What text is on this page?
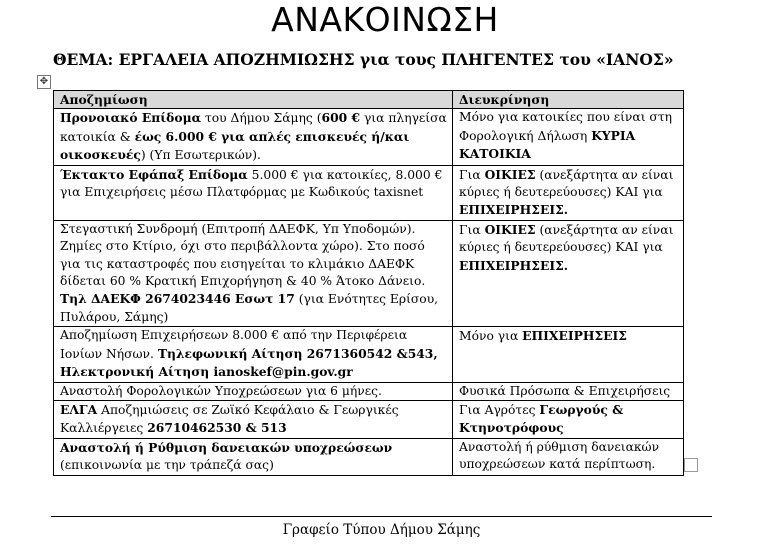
ΑΝΑΚΟΙΝΩΣΗ
ΘΕΜΑ: ΕΡΓΑΛΕΙΑ ΑΠΟΖΗΜΙΩΣΗΣ για τους ΠΛΗΓΕΝΤΕΣ του «ΙΑΝΟΣ»
✥
Αποζημίωση	Διευκρίνηση
Προνοιακό Επίδομα του Δήμου Σάμης (600 € για πληγείσα κατοικία & έως 6.000 € για απλές επισκευές ή/και οικοσκευές) (Υπ Εσωτερικών).	Μόνο για κατοικίες που είναι στη Φορολογική Δήλωση ΚΥΡΙΑ ΚΑΤΟΙΚΙΑ
Έκτακτο Εφάπαξ Επίδομα 5.000 € για κατοικίες, 8.000 € για Επιχειρήσεις μέσω Πλατφόρμας με Κωδικούς taxisnet	Για ΟΙΚΙΕΣ (ανεξάρτητα αν είναι κύριες ή δευτερεύουσες) ΚΑΙ για ΕΠΙΧΕΙΡΗΣΕΙΣ.
Στεγαστική Συνδρομή (Επιτροπή ΔΑΕΦΚ, Υπ Υποδομών). Ζημίες στο Κτίριο, όχι στο περιβάλλοντα χώρο). Στο ποσό για τις καταστροφές που εισηγείται το κλιμάκιο ΔΑΕΦΚ δίδεται 60 % Κρατική Επιχορήγηση & 40 % Άτοκο Δάνειο. Τηλ ΔΑΕΚΦ 2674023446 Εσωτ 17 (για Ενότητες Ερίσου, Πυλάρου, Σάμης)	Για ΟΙΚΙΕΣ (ανεξάρτητα αν είναι κύριες ή δευτερεύουσες) ΚΑΙ για ΕΠΙΧΕΙΡΗΣΕΙΣ.
Αποζημίωση Επιχειρήσεων 8.000 € από την Περιφέρεια Ιονίων Νήσων. Τηλεφωνική Αίτηση 2671360542 &543, Ηλεκτρονική Αίτηση ianoskef@pin.gov.gr	Μόνο για ΕΠΙΧΕΙΡΗΣΕΙΣ
Αναστολή Φορολογικών Υποχρεώσεων για 6 μήνες.	Φυσικά Πρόσωπα & Επιχειρήσεις
ΕΛΓΑ Αποζημιώσεις σε Ζωϊκό Κεφάλαιο & Γεωργικές Καλλιέργειες 26710462530 & 513	Για Αγρότες Γεωργούς & Κτηνοτρόφους
Αναστολή ή Ρύθμιση δανειακών υποχρεώσεων (επικοινωνία με την τράπεζά σας)	Αναστολή ή ρύθμιση δανειακών υποχρεώσεων κατά περίπτωση.
Γραφείο Τύπου Δήμου Σάμης
